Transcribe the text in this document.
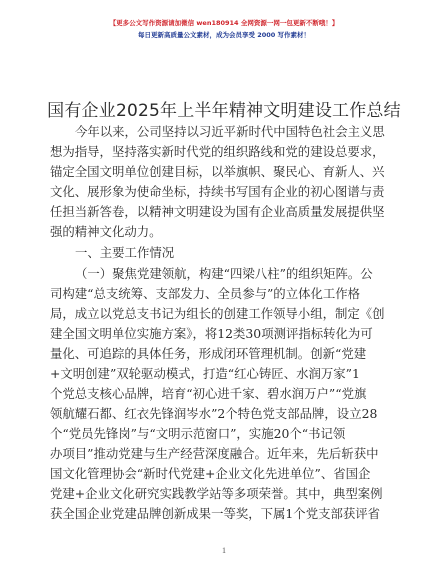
【更多公文写作资源请加微信 wen180914 全网资源一网一包更新不断哦！】
每日更新高质量公文素材，成为会员享受 2000 写作素材！
国有企业2025年上半年精神文明建设工作总结
今年以来，公司坚持以习近平新时代中国特色社会主义思
想为指导，坚持落实新时代党的组织路线和党的建设总要求，
锚定全国文明单位创建目标，以举旗帜、聚民心、育新人、兴
文化、展形象为使命坐标，持续书写国有企业的初心图谱与责
任担当新答卷，以精神文明建设为国有企业高质量发展提供坚
强的精神文化动力。
一、主要工作情况
（一）聚焦党建领航，构建“四梁八柱”的组织矩阵。公
司构建“总支统筹、支部发力、全员参与”的立体化工作格
局，成立以党总支书记为组长的创建工作领导小组，制定《创
建全国文明单位实施方案》，将12类30项测评指标转化为可
量化、可追踪的具体任务，形成闭环管理机制。创新“党建
+文明创建”双轮驱动模式，打造“红心铸匠、水润万家”1
个党总支核心品牌，培育“初心进千家、碧水润万户”“党旗
领航耀石都、红衣先锋润岑水”2个特色党支部品牌，设立28
个“党员先锋岗”与“文明示范窗口”，实施20个“书记领
办项目”推动党建与生产经营深度融合。近年来，先后斩获中
国文化管理协会“新时代党建+企业文化先进单位”、省国企
党建+企业文化研究实践教学站等多项荣誉。其中，典型案例
获全国企业党建品牌创新成果一等奖，下属1个党支部获评省
1
